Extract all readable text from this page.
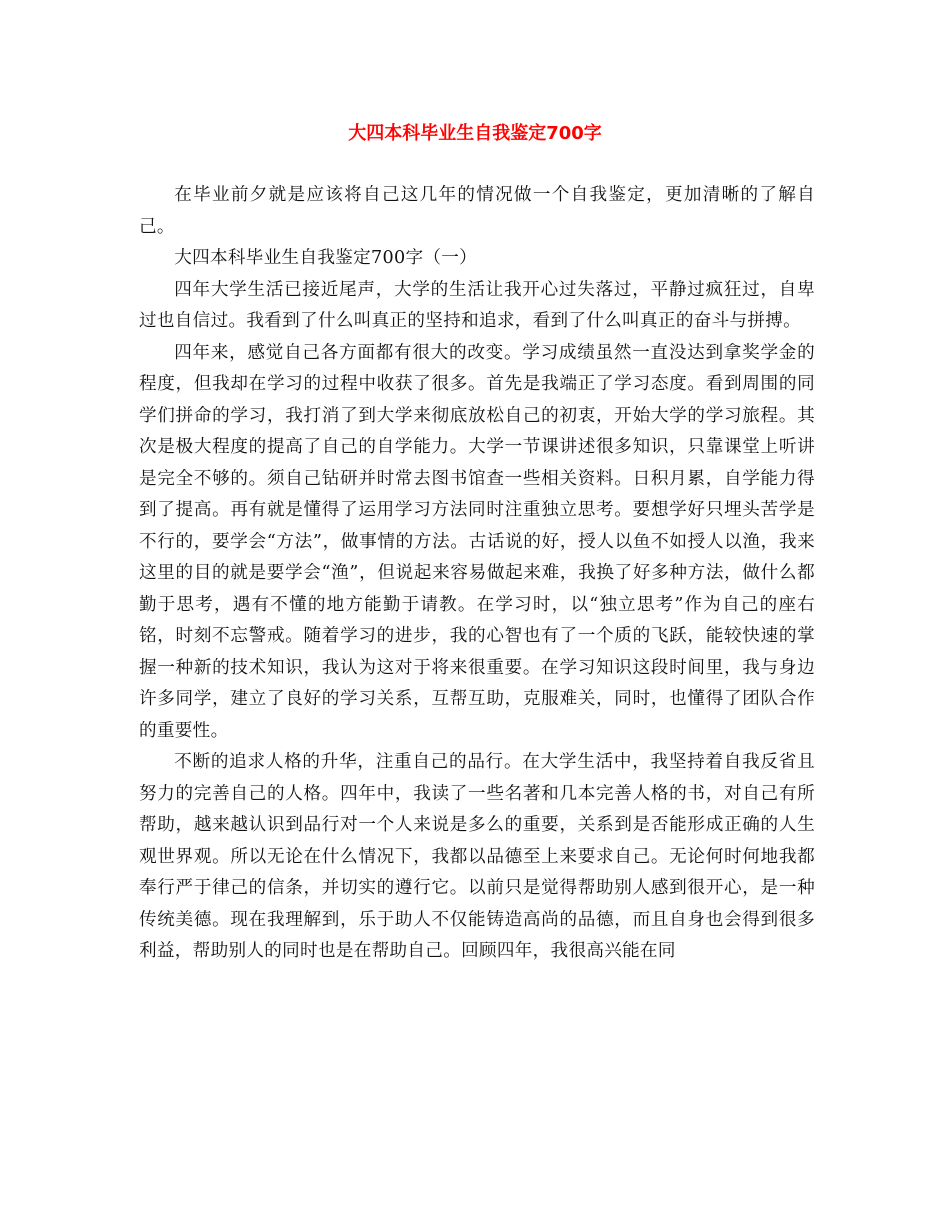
大四本科毕业生自我鉴定700字

在毕业前夕就是应该将自己这几年的情况做一个自我鉴定，更加清晰的了解自己。

大四本科毕业生自我鉴定700字（一）

四年大学生活已接近尾声，大学的生活让我开心过失落过，平静过疯狂过，自卑过也自信过。我看到了什么叫真正的坚持和追求，看到了什么叫真正的奋斗与拼搏。

四年来，感觉自己各方面都有很大的改变。学习成绩虽然一直没达到拿奖学金的程度，但我却在学习的过程中收获了很多。首先是我端正了学习态度。看到周围的同学们拼命的学习，我打消了到大学来彻底放松自己的初衷，开始大学的学习旅程。其次是极大程度的提高了自己的自学能力。大学一节课讲述很多知识，只靠课堂上听讲是完全不够的。须自己钻研并时常去图书馆查一些相关资料。日积月累，自学能力得到了提高。再有就是懂得了运用学习方法同时注重独立思考。要想学好只埋头苦学是不行的，要学会“方法”，做事情的方法。古话说的好，授人以鱼不如授人以渔，我来这里的目的就是要学会“渔”，但说起来容易做起来难，我换了好多种方法，做什么都勤于思考，遇有不懂的地方能勤于请教。在学习时，以“独立思考”作为自己的座右铭，时刻不忘警戒。随着学习的进步，我的心智也有了一个质的飞跃，能较快速的掌握一种新的技术知识，我认为这对于将来很重要。在学习知识这段时间里，我与身边许多同学，建立了良好的学习关系，互帮互助，克服难关，同时，也懂得了团队合作的重要性。

不断的追求人格的升华，注重自己的品行。在大学生活中，我坚持着自我反省且努力的完善自己的人格。四年中，我读了一些名著和几本完善人格的书，对自己有所帮助，越来越认识到品行对一个人来说是多么的重要，关系到是否能形成正确的人生观世界观。所以无论在什么情况下，我都以品德至上来要求自己。无论何时何地我都奉行严于律己的信条，并切实的遵行它。以前只是觉得帮助别人感到很开心，是一种传统美德。现在我理解到，乐于助人不仅能铸造高尚的品德，而且自身也会得到很多利益，帮助别人的同时也是在帮助自己。回顾四年，我很高兴能在同
